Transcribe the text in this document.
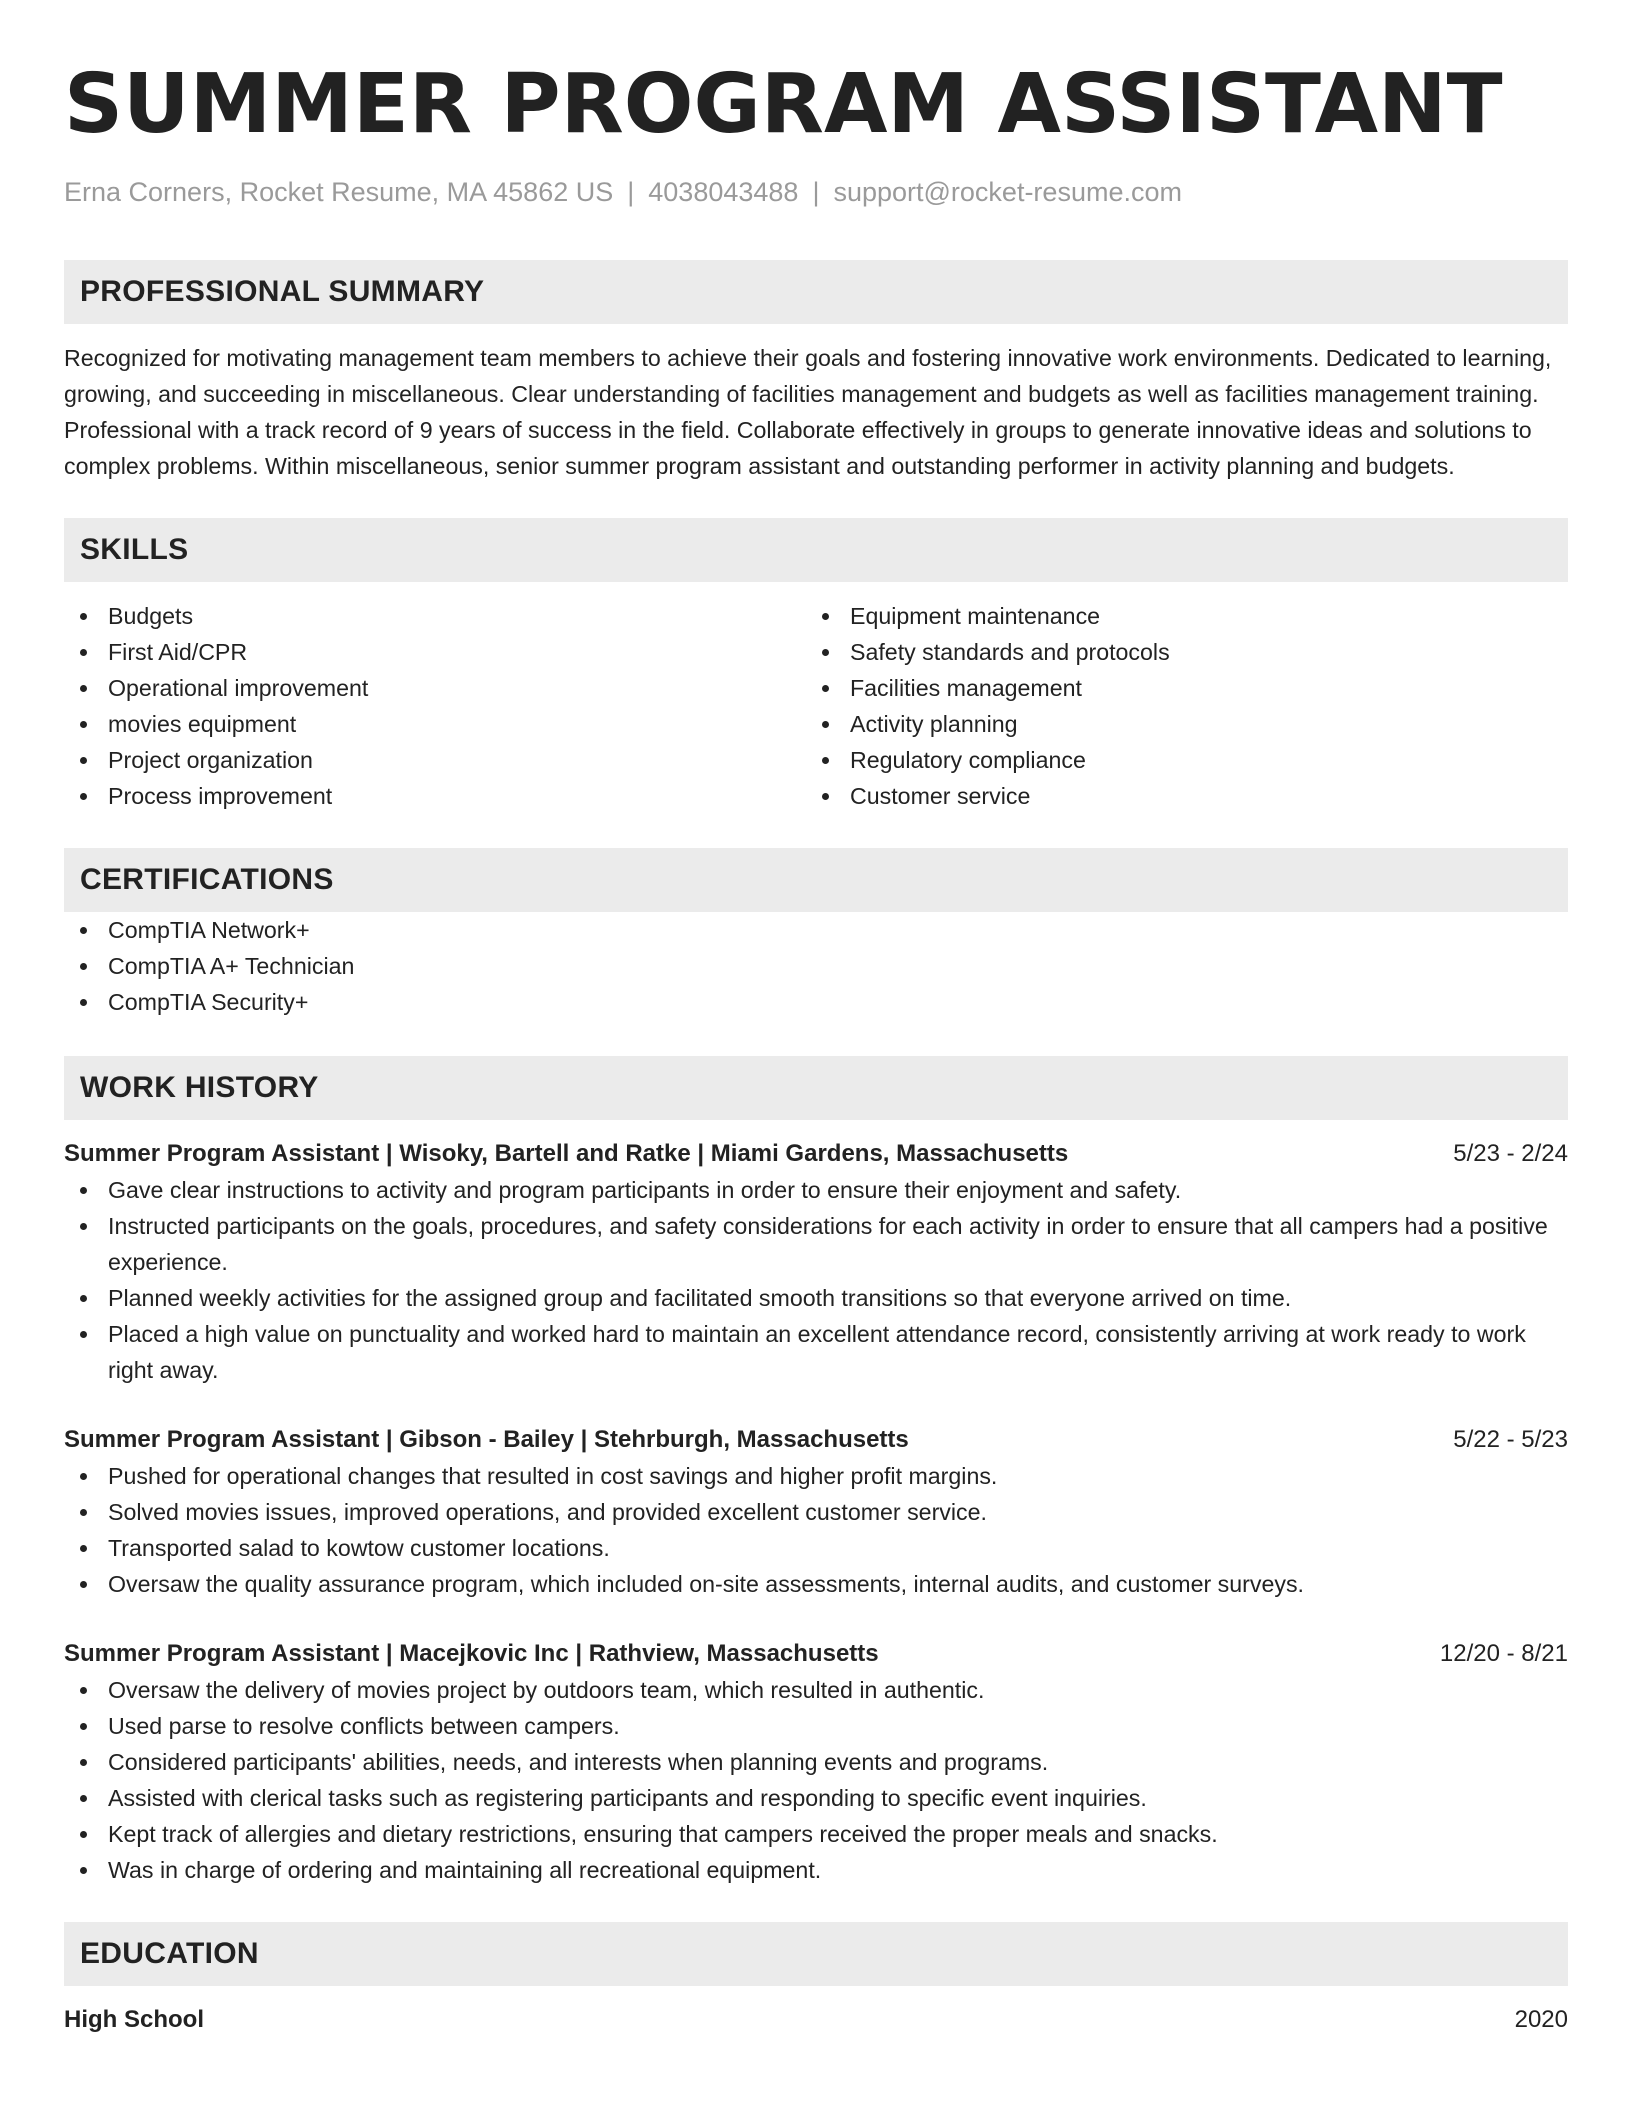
SUMMER PROGRAM ASSISTANT
Erna Corners, Rocket Resume, MA 45862 US | 4038043488 | support@rocket-resume.com
PROFESSIONAL SUMMARY
Recognized for motivating management team members to achieve their goals and fostering innovative work environments. Dedicated to learning, growing, and succeeding in miscellaneous. Clear understanding of facilities management and budgets as well as facilities management training. Professional with a track record of 9 years of success in the field. Collaborate effectively in groups to generate innovative ideas and solutions to complex problems. Within miscellaneous, senior summer program assistant and outstanding performer in activity planning and budgets.
SKILLS
Budgets
First Aid/CPR
Operational improvement
movies equipment
Project organization
Process improvement
Equipment maintenance
Safety standards and protocols
Facilities management
Activity planning
Regulatory compliance
Customer service
CERTIFICATIONS
CompTIA Network+
CompTIA A+ Technician
CompTIA Security+
WORK HISTORY
Summer Program Assistant | Wisoky, Bartell and Ratke | Miami Gardens, Massachusetts	5/23 - 2/24
Gave clear instructions to activity and program participants in order to ensure their enjoyment and safety.
Instructed participants on the goals, procedures, and safety considerations for each activity in order to ensure that all campers had a positive experience.
Planned weekly activities for the assigned group and facilitated smooth transitions so that everyone arrived on time.
Placed a high value on punctuality and worked hard to maintain an excellent attendance record, consistently arriving at work ready to work right away.
Summer Program Assistant | Gibson - Bailey | Stehrburgh, Massachusetts	5/22 - 5/23
Pushed for operational changes that resulted in cost savings and higher profit margins.
Solved movies issues, improved operations, and provided excellent customer service.
Transported salad to kowtow customer locations.
Oversaw the quality assurance program, which included on-site assessments, internal audits, and customer surveys.
Summer Program Assistant | Macejkovic Inc | Rathview, Massachusetts	12/20 - 8/21
Oversaw the delivery of movies project by outdoors team, which resulted in authentic.
Used parse to resolve conflicts between campers.
Considered participants' abilities, needs, and interests when planning events and programs.
Assisted with clerical tasks such as registering participants and responding to specific event inquiries.
Kept track of allergies and dietary restrictions, ensuring that campers received the proper meals and snacks.
Was in charge of ordering and maintaining all recreational equipment.
EDUCATION
High School	2020
